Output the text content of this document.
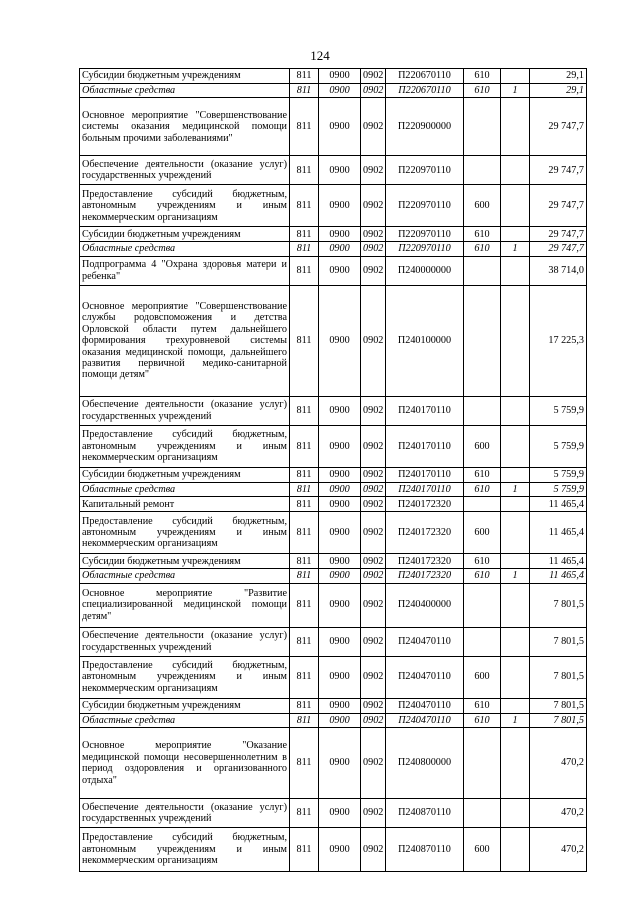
124
Субсидии бюджетным учреждениям	811	0900	0902	П220670110	610		29,1
Областные средства	811	0900	0902	П220670110	610	1	29,1
Основное мероприятие "Совершенствование системы оказания медицинской помощи больным прочими заболеваниями"	811	0900	0902	П220900000			29 747,7
Обеспечение деятельности (оказание услуг) государственных учреждений	811	0900	0902	П220970110			29 747,7
Предоставление субсидий бюджетным, автономным учреждениям и иным некоммерческим организациям	811	0900	0902	П220970110	600		29 747,7
Субсидии бюджетным учреждениям	811	0900	0902	П220970110	610		29 747,7
Областные средства	811	0900	0902	П220970110	610	1	29 747,7
Подпрограмма 4 "Охрана здоровья матери и ребенка"	811	0900	0902	П240000000			38 714,0
Основное мероприятие "Совершенствование службы родовспоможения и детства Орловской области путем дальнейшего формирования трехуровневой системы оказания медицинской помощи, дальнейшего развития первичной медико-санитарной помощи детям"	811	0900	0902	П240100000			17 225,3
Обеспечение деятельности (оказание услуг) государственных учреждений	811	0900	0902	П240170110			5 759,9
Предоставление субсидий бюджетным, автономным учреждениям и иным некоммерческим организациям	811	0900	0902	П240170110	600		5 759,9
Субсидии бюджетным учреждениям	811	0900	0902	П240170110	610		5 759,9
Областные средства	811	0900	0902	П240170110	610	1	5 759,9
Капитальный ремонт	811	0900	0902	П240172320			11 465,4
Предоставление субсидий бюджетным, автономным учреждениям и иным некоммерческим организациям	811	0900	0902	П240172320	600		11 465,4
Субсидии бюджетным учреждениям	811	0900	0902	П240172320	610		11 465,4
Областные средства	811	0900	0902	П240172320	610	1	11 465,4
Основное мероприятие "Развитие специализированной медицинской помощи детям"	811	0900	0902	П240400000			7 801,5
Обеспечение деятельности (оказание услуг) государственных учреждений	811	0900	0902	П240470110			7 801,5
Предоставление субсидий бюджетным, автономным учреждениям и иным некоммерческим организациям	811	0900	0902	П240470110	600		7 801,5
Субсидии бюджетным учреждениям	811	0900	0902	П240470110	610		7 801,5
Областные средства	811	0900	0902	П240470110	610	1	7 801,5
Основное мероприятие "Оказание медицинской помощи несовершеннолетним в период оздоровления и организованного отдыха"	811	0900	0902	П240800000			470,2
Обеспечение деятельности (оказание услуг) государственных учреждений	811	0900	0902	П240870110			470,2
Предоставление субсидий бюджетным, автономным учреждениям и иным некоммерческим организациям	811	0900	0902	П240870110	600		470,2
